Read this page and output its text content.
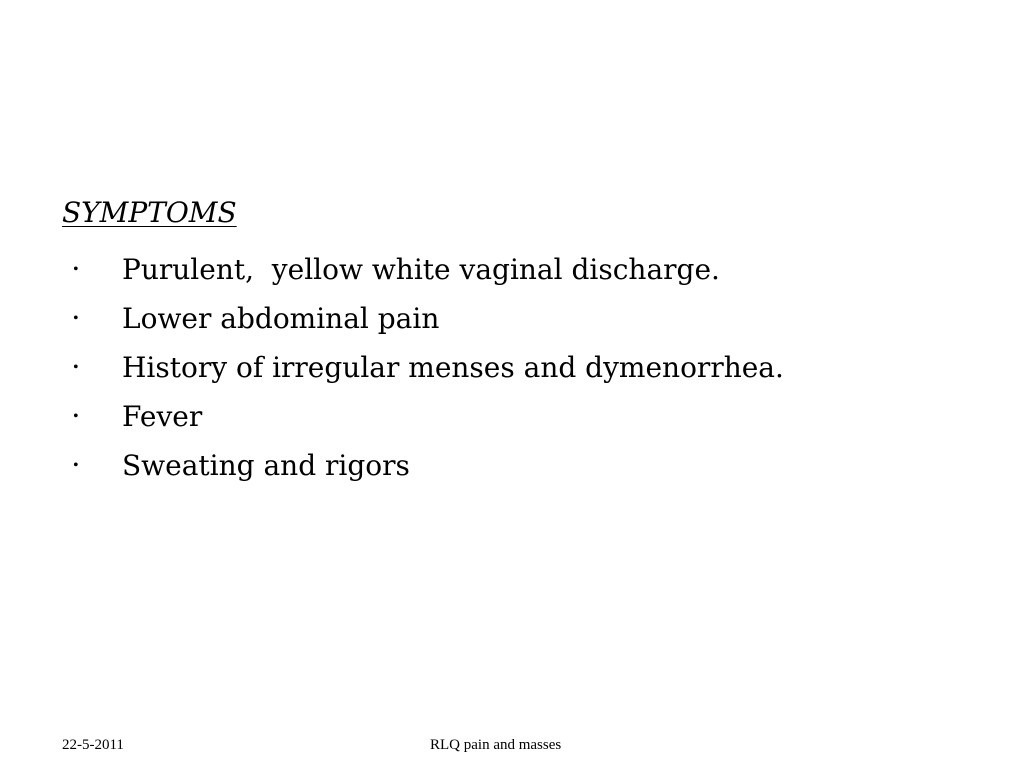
SYMPTOMS
• Purulent,  yellow white vaginal discharge.
• Lower abdominal pain
• History of irregular menses and dymenorrhea.
• Fever
• Sweating and rigors
22-5-2011	RLQ pain and masses
